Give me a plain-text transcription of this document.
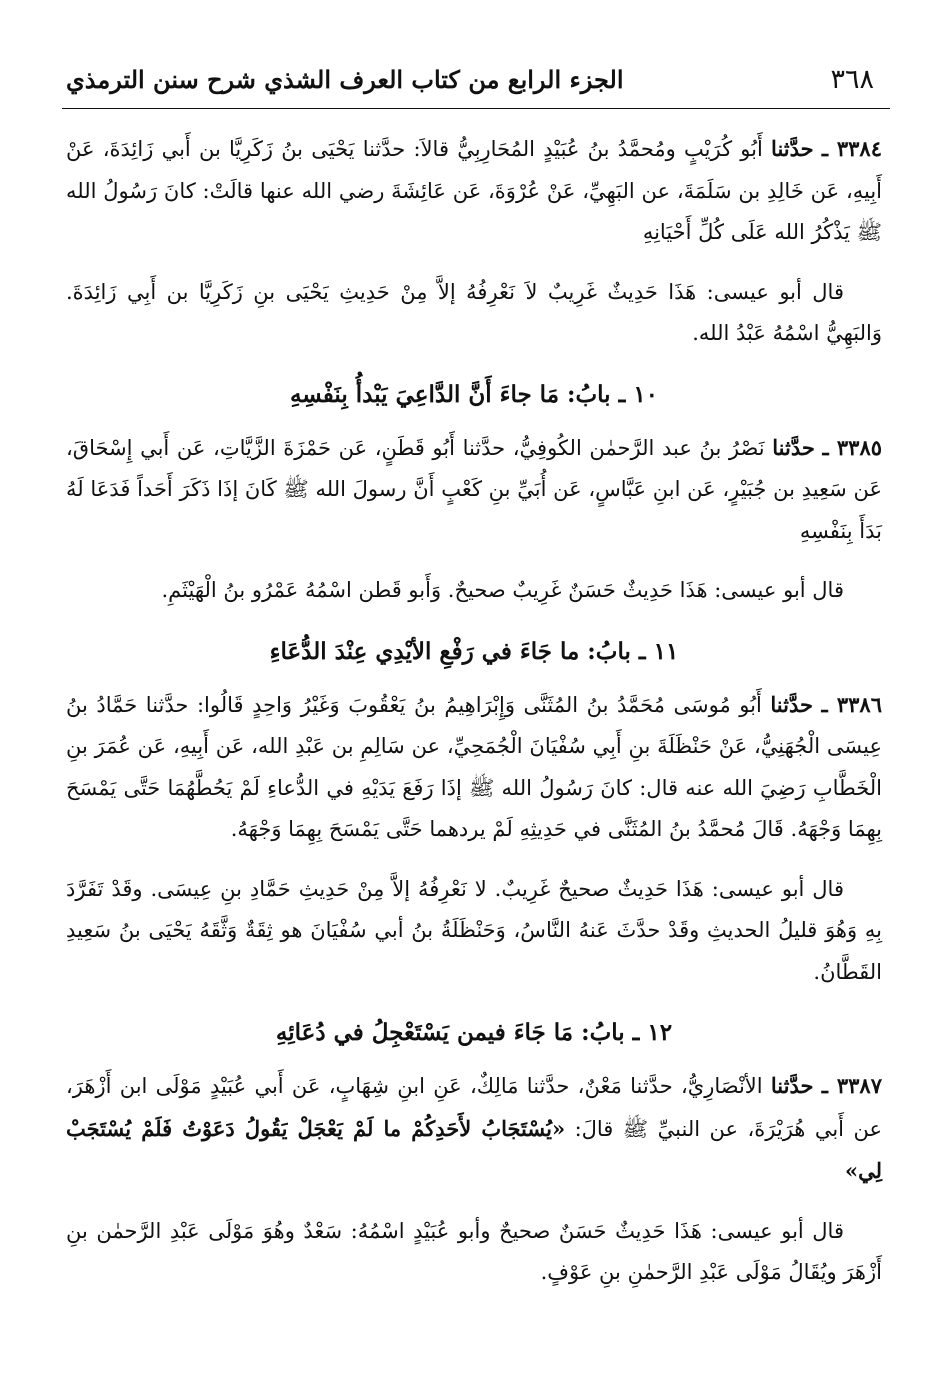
٣٦٨
الجزء الرابع من كتاب العرف الشذي شرح سنن الترمذي

٣٣٨٤ ـ حدَّثنا أَبُو كُرَيْبٍ ومُحمَّدُ بنُ عُبَيْدٍ المُحَارِبِيُّ قالاَ: حدَّثنا يَحْيَى بنُ زَكَرِيَّا بن أَبي زَائِدَةَ، عَنْ أَبِيهِ، عَن خَالِدِ بن سَلَمَةَ، عن البَهِيِّ، عَنْ عُرْوَةَ، عَن عَائِشَةَ رضي الله عنها قالَتْ: كانَ رَسُولُ الله ﷺ يَذْكُرُ الله عَلَى كُلِّ أَحْيَانِهِ

قال أبو عيسى: هَذَا حَدِيثٌ غَرِيبٌ لاَ نَعْرِفُهُ إلاَّ مِنْ حَدِيثِ يَحْيَى بنِ زَكَرِيَّا بن أَبِي زَائِدَةَ. وَالبَهِيُّ اسْمُهُ عَبْدُ الله.

١٠ ـ بابُ: مَا جاءَ أَنَّ الدَّاعِيَ يَبْدأُ بِنَفْسِهِ

٣٣٨٥ ـ حدَّثنا نَصْرُ بنُ عبد الرَّحمٰن الكُوفِيُّ، حدَّثنا أَبُو قَطَنٍ، عَن حَمْزَةَ الزَّيَّاتِ، عَن أَبي إِسْحَاقَ، عَن سَعِيدِ بن جُبَيْرٍ، عَن ابنِ عَبَّاسٍ، عَن أُبَيِّ بنِ كَعْبٍ أَنَّ رسولَ الله ﷺ كَانَ إذَا ذَكَرَ أَحَداً فَدَعَا لَهُ بَدَأَ بِنَفْسِهِ

قال أبو عيسى: هَذَا حَدِيثٌ حَسَنٌ غَرِيبٌ صحيحٌ. وَأَبو قَطن اسْمُهُ عَمْرُو بنُ الْهَيْثَمِ.

١١ ـ بابُ: ما جَاءَ في رَفْعِ الأيْدِي عِنْدَ الدُّعَاءِ

٣٣٨٦ ـ حدَّثنا أَبُو مُوسَى مُحَمَّدُ بنُ المُثَنَّى وَإِبْرَاهِيمُ بنُ يَعْقُوبَ وَغَيْرُ وَاحِدٍ قَالُوا: حدَّثنا حَمَّادُ بنُ عِيسَى الْجُهَنِيُّ، عَنْ حَنْظَلَةَ بنِ أَبِي سُفْيَانَ الْجُمَحِيِّ، عن سَالِمِ بن عَبْدِ الله، عَن أَبِيهِ، عَن عُمَرَ بنِ الْخَطَّابِ رَضِيَ الله عنه قال: كانَ رَسُولُ الله ﷺ إذَا رَفَعَ يَدَيْهِ في الدُّعاءِ لَمْ يَحُطَّهُمَا حَتَّى يَمْسَحَ بِهِمَا وَجْهَهُ. قَالَ مُحمَّدُ بنُ المُثَنَّى في حَدِيثِهِ لَمْ يردهما حَتَّى يَمْسَحَ بِهِمَا وَجْهَهُ.

قال أبو عيسى: هَذَا حَدِيثٌ صحيحٌ غَرِيبٌ. لا نَعْرِفُهُ إلاَّ مِنْ حَدِيثِ حَمَّادِ بنِ عِيسَى. وقَدْ تَفَرَّدَ بِهِ وَهُوَ قليلُ الحديثِ وقَدْ حدَّثَ عَنهُ النَّاسُ، وَحَنْظَلَةُ بنُ أبي سُفْيَانَ هو ثِقَةٌ وَثَّقَهُ يَحْيَى بنُ سَعِيدِ القَطَّانُ.

١٢ ـ بابُ: مَا جَاءَ فيمن يَسْتَعْجِلُ في دُعَائِهِ

٣٣٨٧ ـ حدَّثنا الأنْصَارِيُّ، حدَّثنا مَعْنٌ، حدَّثنا مَالِكٌ، عَنِ ابنِ شِهَابٍ، عَن أَبي عُبَيْدٍ مَوْلَى ابن أَزْهَرَ، عن أَبي هُرَيْرَةَ، عن النبيِّ ﷺ قالَ: «يُسْتَجَابُ لأَحَدِكُمْ ما لَمْ يَعْجَلْ يَقُولُ دَعَوْتُ فَلَمْ يُسْتَجَبْ لِي»

قال أبو عيسى: هَذَا حَدِيثٌ حَسَنٌ صحيحٌ وأبو عُبَيْدٍ اسْمُهُ: سَعْدٌ وهُوَ مَوْلَى عَبْدِ الرَّحمٰن بنِ أَزْهَرَ ويُقَالُ مَوْلَى عَبْدِ الرَّحمٰنِ بنِ عَوْفٍ.
